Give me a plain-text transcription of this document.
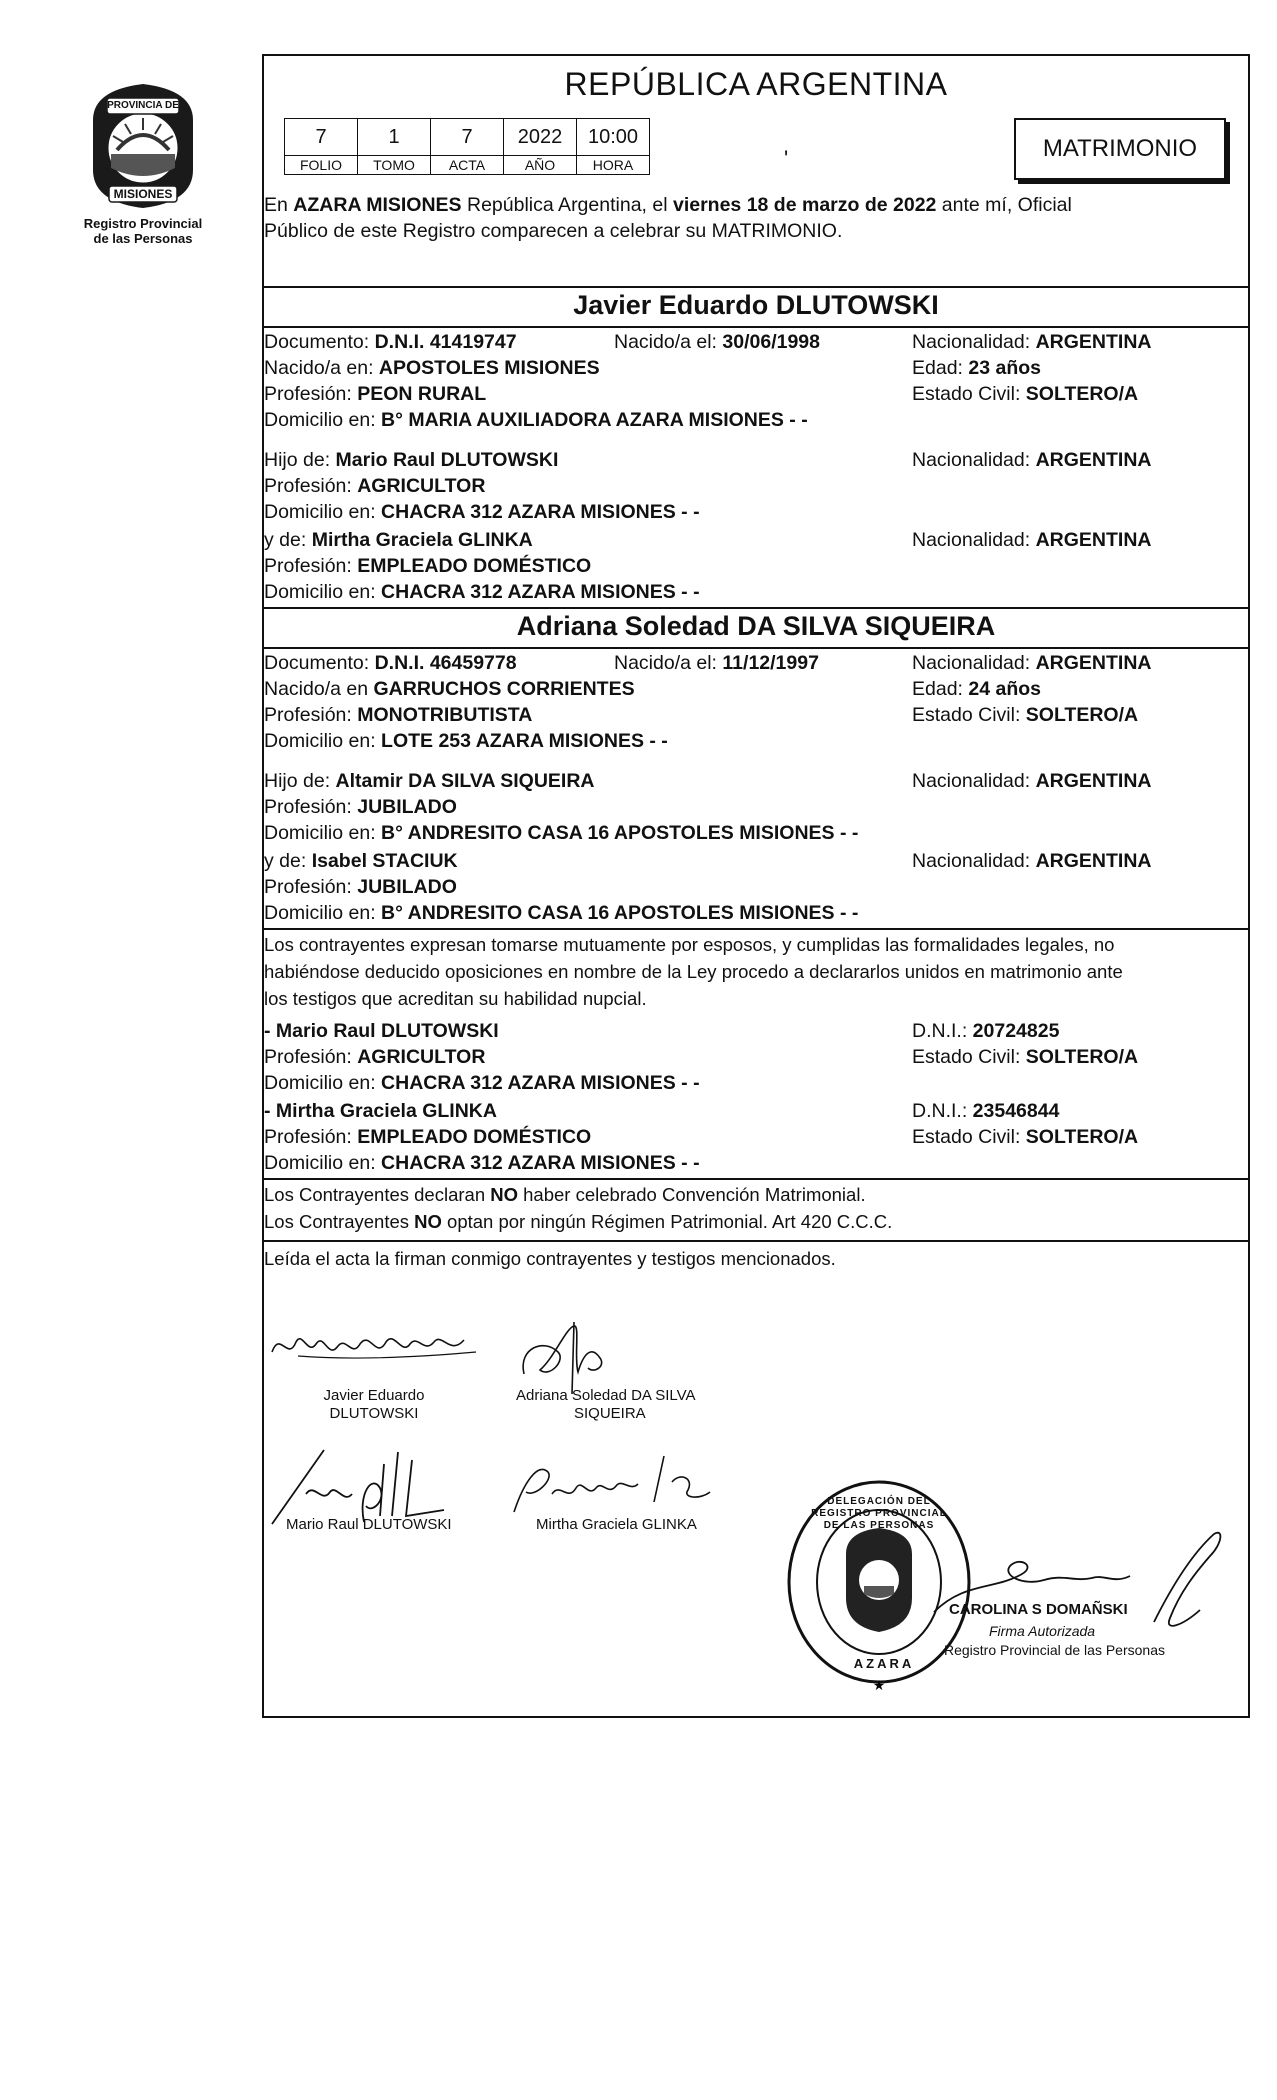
PROVINCIA DE
MISIONES
Registro Provincial
de las Personas
REPÚBLICA ARGENTINA
7	1	7	2022	10:00
FOLIO	TOMO	ACTA	AÑO	HORA	'	MATRIMONIO
En AZARA MISIONES República Argentina, el viernes 18 de marzo de 2022 ante mí, Oficial
Público de este Registro comparecen a celebrar su MATRIMONIO.
Javier Eduardo DLUTOWSKI
Documento: D.N.I. 41419747	Nacido/a el: 30/06/1998	Nacionalidad: ARGENTINA
Nacido/a en: APOSTOLES MISIONES	Edad: 23 años
Profesión: PEON RURAL	Estado Civil: SOLTERO/A
Domicilio en: B° MARIA AUXILIADORA AZARA MISIONES - -
Hijo de: Mario Raul DLUTOWSKI	Nacionalidad: ARGENTINA
Profesión: AGRICULTOR
Domicilio en: CHACRA 312 AZARA MISIONES - -
y de: Mirtha Graciela GLINKA	Nacionalidad: ARGENTINA
Profesión: EMPLEADO DOMÉSTICO
Domicilio en: CHACRA 312 AZARA MISIONES - -
Adriana Soledad DA SILVA SIQUEIRA
Documento: D.N.I. 46459778	Nacido/a el: 11/12/1997	Nacionalidad: ARGENTINA
Nacido/a en GARRUCHOS CORRIENTES	Edad: 24 años
Profesión: MONOTRIBUTISTA	Estado Civil: SOLTERO/A
Domicilio en: LOTE 253 AZARA MISIONES - -
Hijo de: Altamir DA SILVA SIQUEIRA	Nacionalidad: ARGENTINA
Profesión: JUBILADO
Domicilio en: B° ANDRESITO CASA 16 APOSTOLES MISIONES - -
y de: Isabel STACIUK	Nacionalidad: ARGENTINA
Profesión: JUBILADO
Domicilio en: B° ANDRESITO CASA 16 APOSTOLES MISIONES - -
Los contrayentes expresan tomarse mutuamente por esposos, y cumplidas las formalidades legales, no
habiéndose deducido oposiciones en nombre de la Ley procedo a declararlos unidos en matrimonio ante
los testigos que acreditan su habilidad nupcial.
- Mario Raul DLUTOWSKI	D.N.I.: 20724825
Profesión: AGRICULTOR	Estado Civil: SOLTERO/A
Domicilio en: CHACRA 312 AZARA MISIONES - -
- Mirtha Graciela GLINKA	D.N.I.: 23546844
Profesión: EMPLEADO DOMÉSTICO	Estado Civil: SOLTERO/A
Domicilio en: CHACRA 312 AZARA MISIONES - -
Los Contrayentes declaran NO haber celebrado Convención Matrimonial.
Los Contrayentes NO optan por ningún Régimen Patrimonial. Art 420 C.C.C.
Leída el acta la firman conmigo contrayentes y testigos mencionados.
Javier Eduardo
DLUTOWSKI
Adriana Soledad DA SILVA
SIQUEIRA
Mario Raul DLUTOWSKI	Mirtha Graciela GLINKA
★
DELEGACIÓN DEL REGISTRO PROVINCIAL DE LAS PERSONAS
AZARA
CAROLINA S DOMAÑSKI
Firma Autorizada
Registro Provincial de las Personas
